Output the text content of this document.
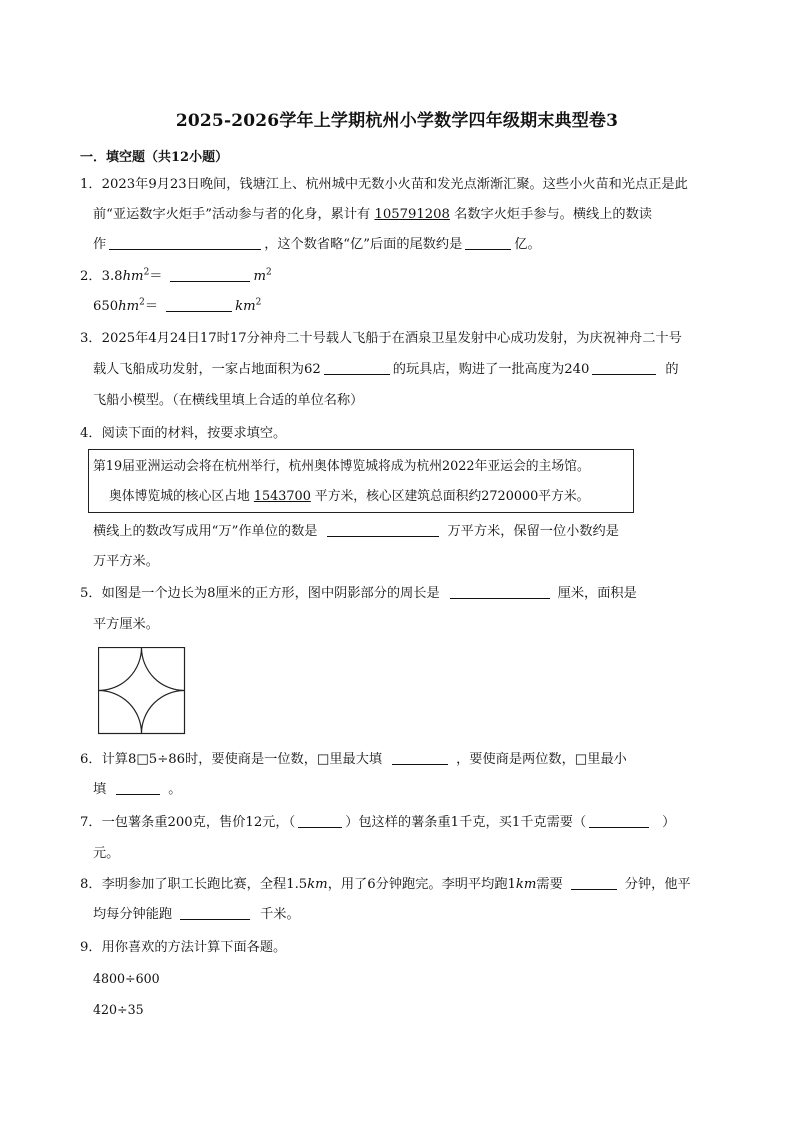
2025-2026学年上学期杭州小学数学四年级期末典型卷3
一．填空题（共12小题）
1．2023年9月23日晚间，钱塘江上、杭州城中无数小火苗和发光点渐渐汇聚。这些小火苗和光点正是此
前“亚运数字火炬手”活动参与者的化身，累计有 105791208 名数字火炬手参与。横线上的数读
作	，这个数省略“亿”后面的尾数约是	亿。
2．$3.8hm^2=$	$m^2$
$650hm^2=$	$km^2$
3．2025年4月24日17时17分神舟二十号载人飞船于在酒泉卫星发射中心成功发射，为庆祝神舟二十号
载人飞船成功发射，一家占地面积为62	的玩具店，购进了一批高度为240	的
飞船小模型。（在横线里填上合适的单位名称）
4．阅读下面的材料，按要求填空。
第19届亚洲运动会将在杭州举行，杭州奥体博览城将成为杭州2022年亚运会的主场馆。
奥体博览城的核心区占地 1543700 平方米，核心区建筑总面积约2720000平方米。
横线上的数改写成用“万”作单位的数是	万平方米，保留一位小数约是
万平方米。
5．如图是一个边长为8厘米的正方形，图中阴影部分的周长是	厘米，面积是
平方厘米。
6．计算8□5÷86时，要使商是一位数，□里最大填	，要使商是两位数，□里最小
填	。
7．一包薯条重200克，售价12元，（	）包这样的薯条重1千克，买1千克需要（	）
元。
8．李明参加了职工长跑比赛，全程1.5km，用了6分钟跑完。李明平均跑1km需要	分钟，他平
均每分钟能跑	千米。
9．用你喜欢的方法计算下面各题。
4800÷600
420÷35
